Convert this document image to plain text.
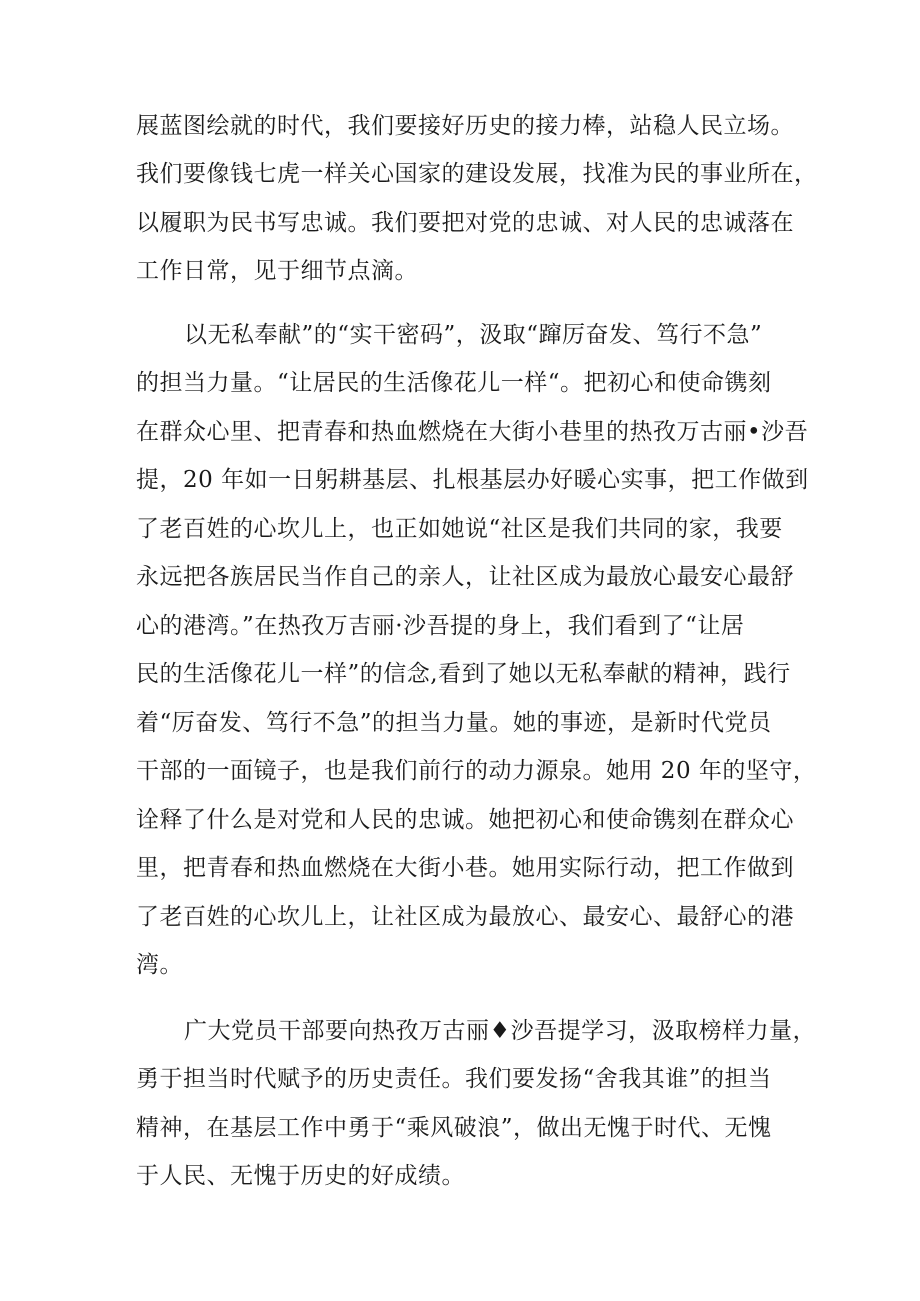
展蓝图绘就的时代，我们要接好历史的接力棒，站稳人民立场。
我们要像钱七虎一样关心国家的建设发展，找准为民的事业所在，
以履职为民书写忠诚。我们要把对党的忠诚、对人民的忠诚落在
工作日常，见于细节点滴。
以无私奉献”的“实干密码”，汲取“蹿厉奋发、笃行不急”
的担当力量。“让居民的生活像花儿一样“。把初心和使命镌刻
在群众心里、把青春和热血燃烧在大街小巷里的热孜万古丽•沙吾
提，20 年如一日躬耕基层、扎根基层办好暖心实事，把工作做到
了老百姓的心坎儿上，也正如她说“社区是我们共同的家，我要
永远把各族居民当作自己的亲人，让社区成为最放心最安心最舒
心的港湾。”在热孜万吉丽·沙吾提的身上，我们看到了“让居
民的生活像花儿一样”的信念,看到了她以无私奉献的精神，践行
着“厉奋发、笃行不急”的担当力量。她的事迹，是新时代党员
干部的一面镜子，也是我们前行的动力源泉。她用 20 年的坚守，
诠释了什么是对党和人民的忠诚。她把初心和使命镌刻在群众心
里，把青春和热血燃烧在大街小巷。她用实际行动，把工作做到
了老百姓的心坎儿上，让社区成为最放心、最安心、最舒心的港
湾。
广大党员干部要向热孜万古丽♦沙吾提学习，汲取榜样力量，
勇于担当时代赋予的历史责任。我们要发扬“舍我其谁”的担当
精神，在基层工作中勇于“乘风破浪”，做出无愧于时代、无愧
于人民、无愧于历史的好成绩。
